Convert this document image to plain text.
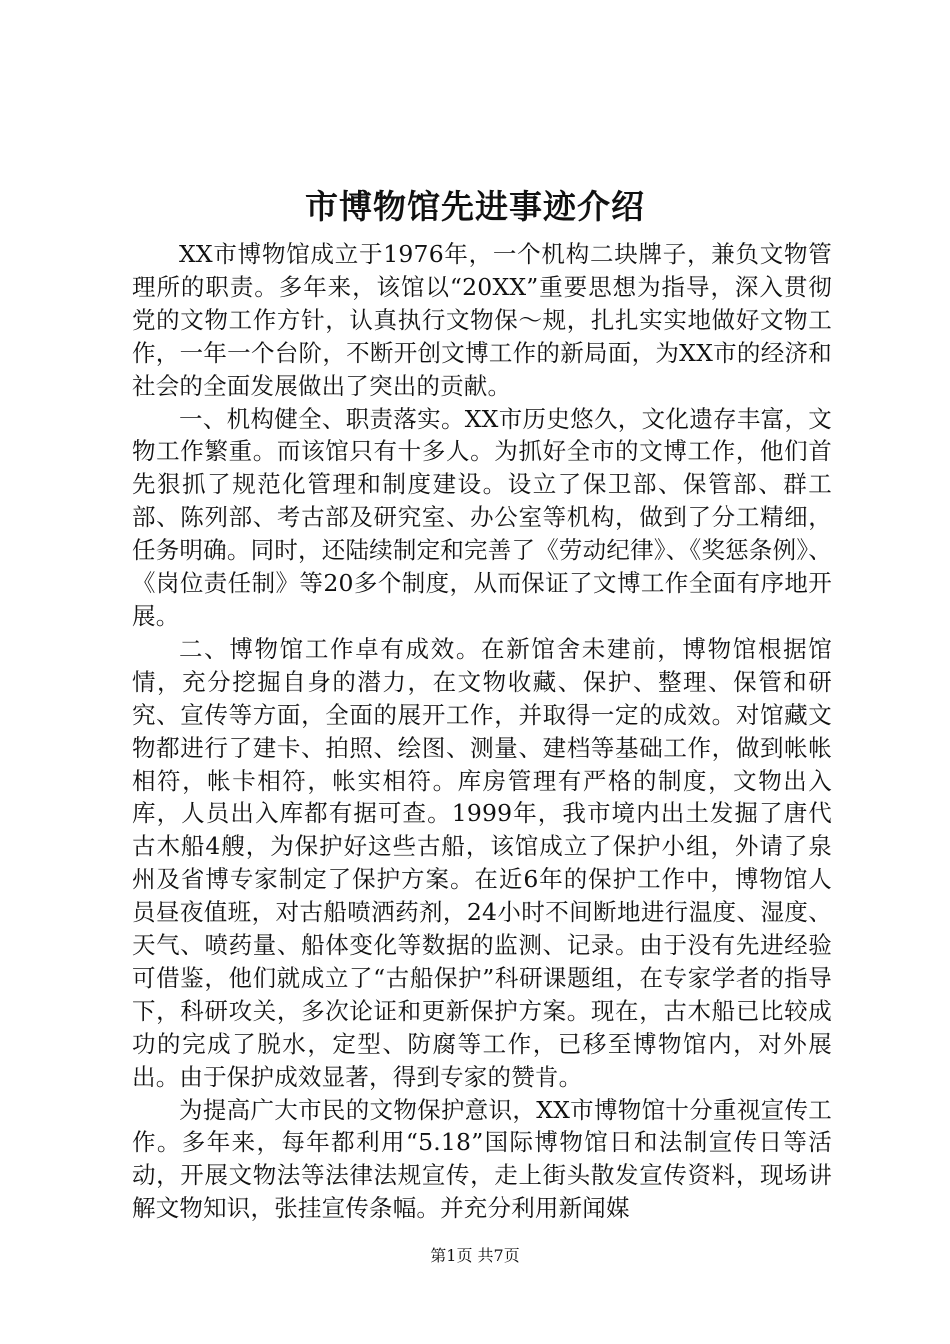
市博物馆先进事迹介绍

XX市博物馆成立于1976年，一个机构二块牌子，兼负文物管理所的职责。多年来，该馆以“20XX”重要思想为指导，深入贯彻党的文物工作方针，认真执行文物保～规，扎扎实实地做好文物工作，一年一个台阶，不断开创文博工作的新局面，为XX市的经济和社会的全面发展做出了突出的贡献。

一、机构健全、职责落实。XX市历史悠久，文化遗存丰富，文物工作繁重。而该馆只有十多人。为抓好全市的文博工作，他们首先狠抓了规范化管理和制度建设。设立了保卫部、保管部、群工部、陈列部、考古部及研究室、办公室等机构，做到了分工精细，任务明确。同时，还陆续制定和完善了《劳动纪律》、《奖惩条例》、《岗位责任制》等20多个制度，从而保证了文博工作全面有序地开展。

二、博物馆工作卓有成效。在新馆舍未建前，博物馆根据馆情，充分挖掘自身的潜力，在文物收藏、保护、整理、保管和研究、宣传等方面，全面的展开工作，并取得一定的成效。对馆藏文物都进行了建卡、拍照、绘图、测量、建档等基础工作，做到帐帐相符，帐卡相符，帐实相符。库房管理有严格的制度，文物出入库，人员出入库都有据可查。1999年，我市境内出土发掘了唐代古木船4艘，为保护好这些古船，该馆成立了保护小组，外请了泉州及省博专家制定了保护方案。在近6年的保护工作中，博物馆人员昼夜值班，对古船喷洒药剂，24小时不间断地进行温度、湿度、天气、喷药量、船体变化等数据的监测、记录。由于没有先进经验可借鉴，他们就成立了“古船保护”科研课题组，在专家学者的指导下，科研攻关，多次论证和更新保护方案。现在，古木船已比较成功的完成了脱水，定型、防腐等工作，已移至博物馆内，对外展出。由于保护成效显著，得到专家的赞肯。

为提高广大市民的文物保护意识，XX市博物馆十分重视宣传工作。多年来，每年都利用“5.18”国际博物馆日和法制宣传日等活动，开展文物法等法律法规宣传，走上街头散发宣传资料，现场讲解文物知识，张挂宣传条幅。并充分利用新闻媒

第1页 共7页
